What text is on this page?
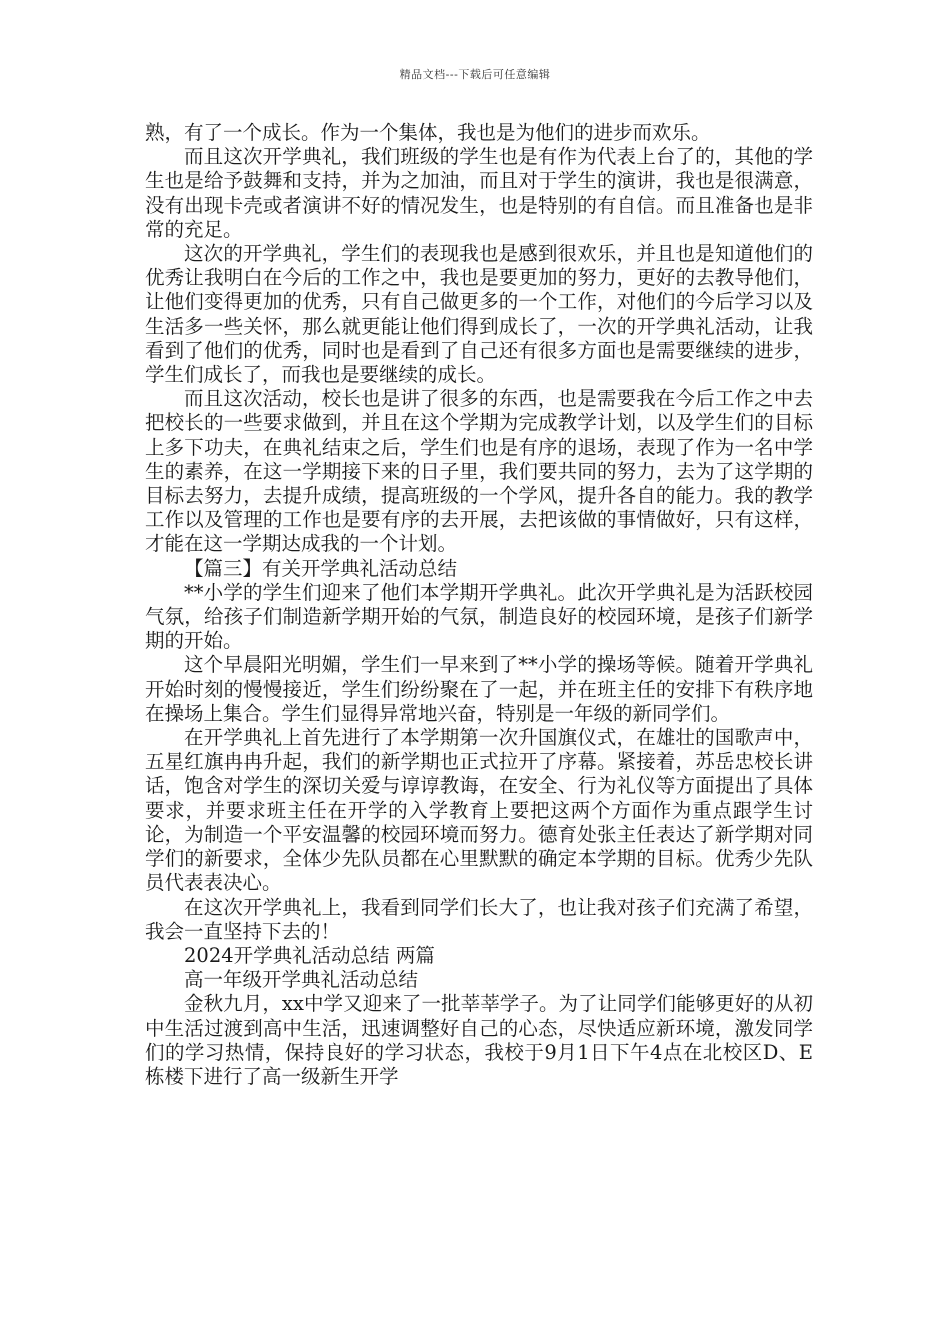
精品文档---下载后可任意编辑

熟，有了一个成长。作为一个集体，我也是为他们的进步而欢乐。

而且这次开学典礼，我们班级的学生也是有作为代表上台了的，其他的学生也是给予鼓舞和支持，并为之加油，而且对于学生的演讲，我也是很满意，没有出现卡壳或者演讲不好的情况发生，也是特别的有自信。而且准备也是非常的充足。

这次的开学典礼，学生们的表现我也是感到很欢乐，并且也是知道他们的优秀让我明白在今后的工作之中，我也是要更加的努力，更好的去教导他们，让他们变得更加的优秀，只有自己做更多的一个工作，对他们的今后学习以及生活多一些关怀，那么就更能让他们得到成长了，一次的开学典礼活动，让我看到了他们的优秀，同时也是看到了自己还有很多方面也是需要继续的进步，学生们成长了，而我也是要继续的成长。

而且这次活动，校长也是讲了很多的东西，也是需要我在今后工作之中去把校长的一些要求做到，并且在这个学期为完成教学计划，以及学生们的目标上多下功夫，在典礼结束之后，学生们也是有序的退场，表现了作为一名中学生的素养，在这一学期接下来的日子里，我们要共同的努力，去为了这学期的目标去努力，去提升成绩，提高班级的一个学风，提升各自的能力。我的教学工作以及管理的工作也是要有序的去开展，去把该做的事情做好，只有这样，才能在这一学期达成我的一个计划。

【篇三】有关开学典礼活动总结

**小学的学生们迎来了他们本学期开学典礼。此次开学典礼是为活跃校园气氛，给孩子们制造新学期开始的气氛，制造良好的校园环境，是孩子们新学期的开始。

这个早晨阳光明媚，学生们一早来到了**小学的操场等候。随着开学典礼开始时刻的慢慢接近，学生们纷纷聚在了一起，并在班主任的安排下有秩序地在操场上集合。学生们显得异常地兴奋，特别是一年级的新同学们。

在开学典礼上首先进行了本学期第一次升国旗仪式，在雄壮的国歌声中，五星红旗冉冉升起，我们的新学期也正式拉开了序幕。紧接着，苏岳忠校长讲话，饱含对学生的深切关爱与谆谆教诲，在安全、行为礼仪等方面提出了具体要求，并要求班主任在开学的入学教育上要把这两个方面作为重点跟学生讨论，为制造一个平安温馨的校园环境而努力。德育处张主任表达了新学期对同学们的新要求，全体少先队员都在心里默默的确定本学期的目标。优秀少先队员代表表决心。

在这次开学典礼上，我看到同学们长大了，也让我对孩子们充满了希望，我会一直坚持下去的！

2024开学典礼活动总结 两篇

高一年级开学典礼活动总结

金秋九月，xx中学又迎来了一批莘莘学子。为了让同学们能够更好的从初中生活过渡到高中生活，迅速调整好自己的心态，尽快适应新环境，激发同学们的学习热情，保持良好的学习状态，我校于9月1日下午4点在北校区D、E栋楼下进行了高一级新生开学
